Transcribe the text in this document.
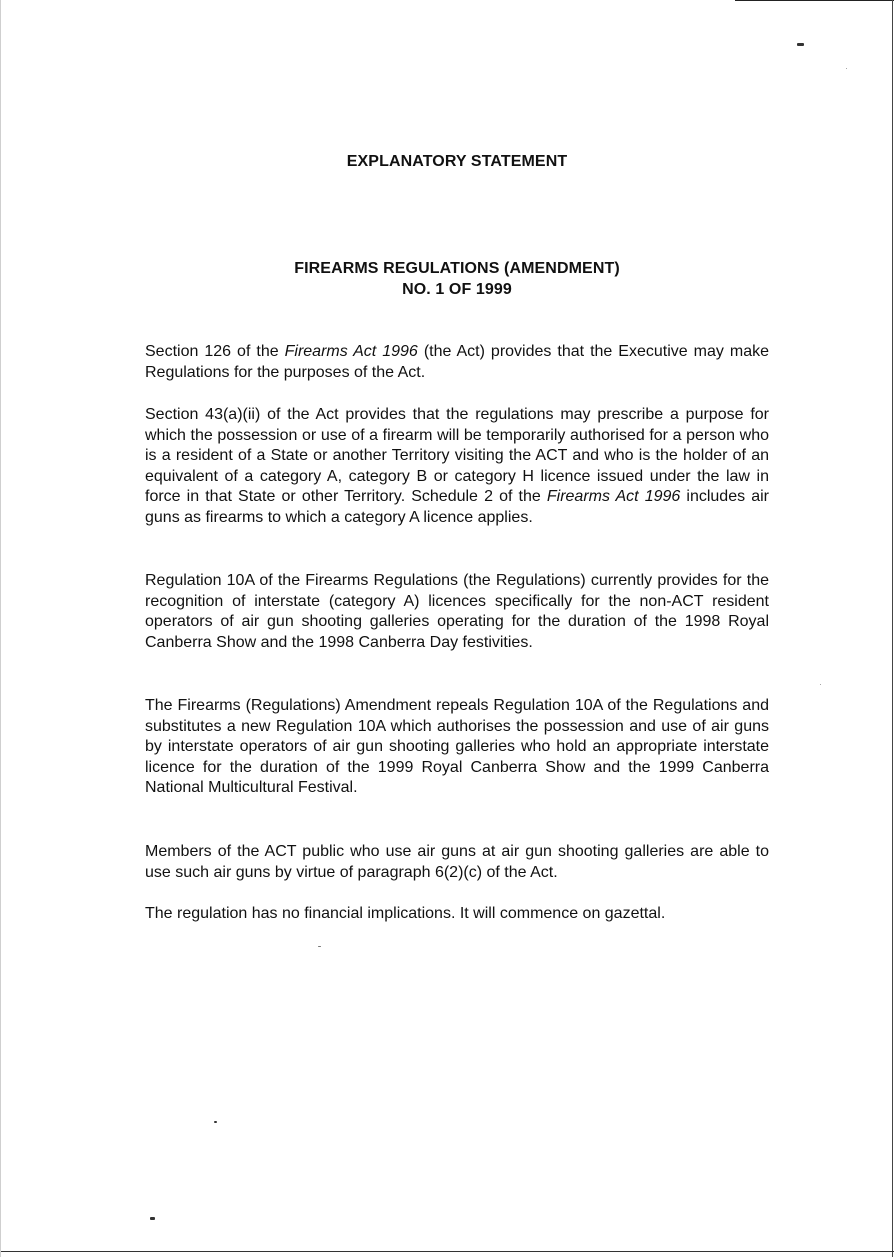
EXPLANATORY STATEMENT
FIREARMS REGULATIONS (AMENDMENT)
NO. 1 OF 1999

Section 126 of the Firearms Act 1996 (the Act) provides that the Executive may make Regulations for the purposes of the Act.

Section 43(a)(ii) of the Act provides that the regulations may prescribe a purpose for which the possession or use of a firearm will be temporarily authorised for a person who is a resident of a State or another Territory visiting the ACT and who is the holder of an equivalent of a category A, category B or category H licence issued under the law in force in that State or other Territory. Schedule 2 of the Firearms Act 1996 includes air guns as firearms to which a category A licence applies.

Regulation 10A of the Firearms Regulations (the Regulations) currently provides for the recognition of interstate (category A) licences specifically for the non-ACT resident operators of air gun shooting galleries operating for the duration of the 1998 Royal Canberra Show and the 1998 Canberra Day festivities.

The Firearms (Regulations) Amendment repeals Regulation 10A of the Regulations and substitutes a new Regulation 10A which authorises the possession and use of air guns by interstate operators of air gun shooting galleries who hold an appropriate interstate licence for the duration of the 1999 Royal Canberra Show and the 1999 Canberra National Multicultural Festival.

Members of the ACT public who use air guns at air gun shooting galleries are able to use such air guns by virtue of paragraph 6(2)(c) of the Act.

The regulation has no financial implications. It will commence on gazettal.
